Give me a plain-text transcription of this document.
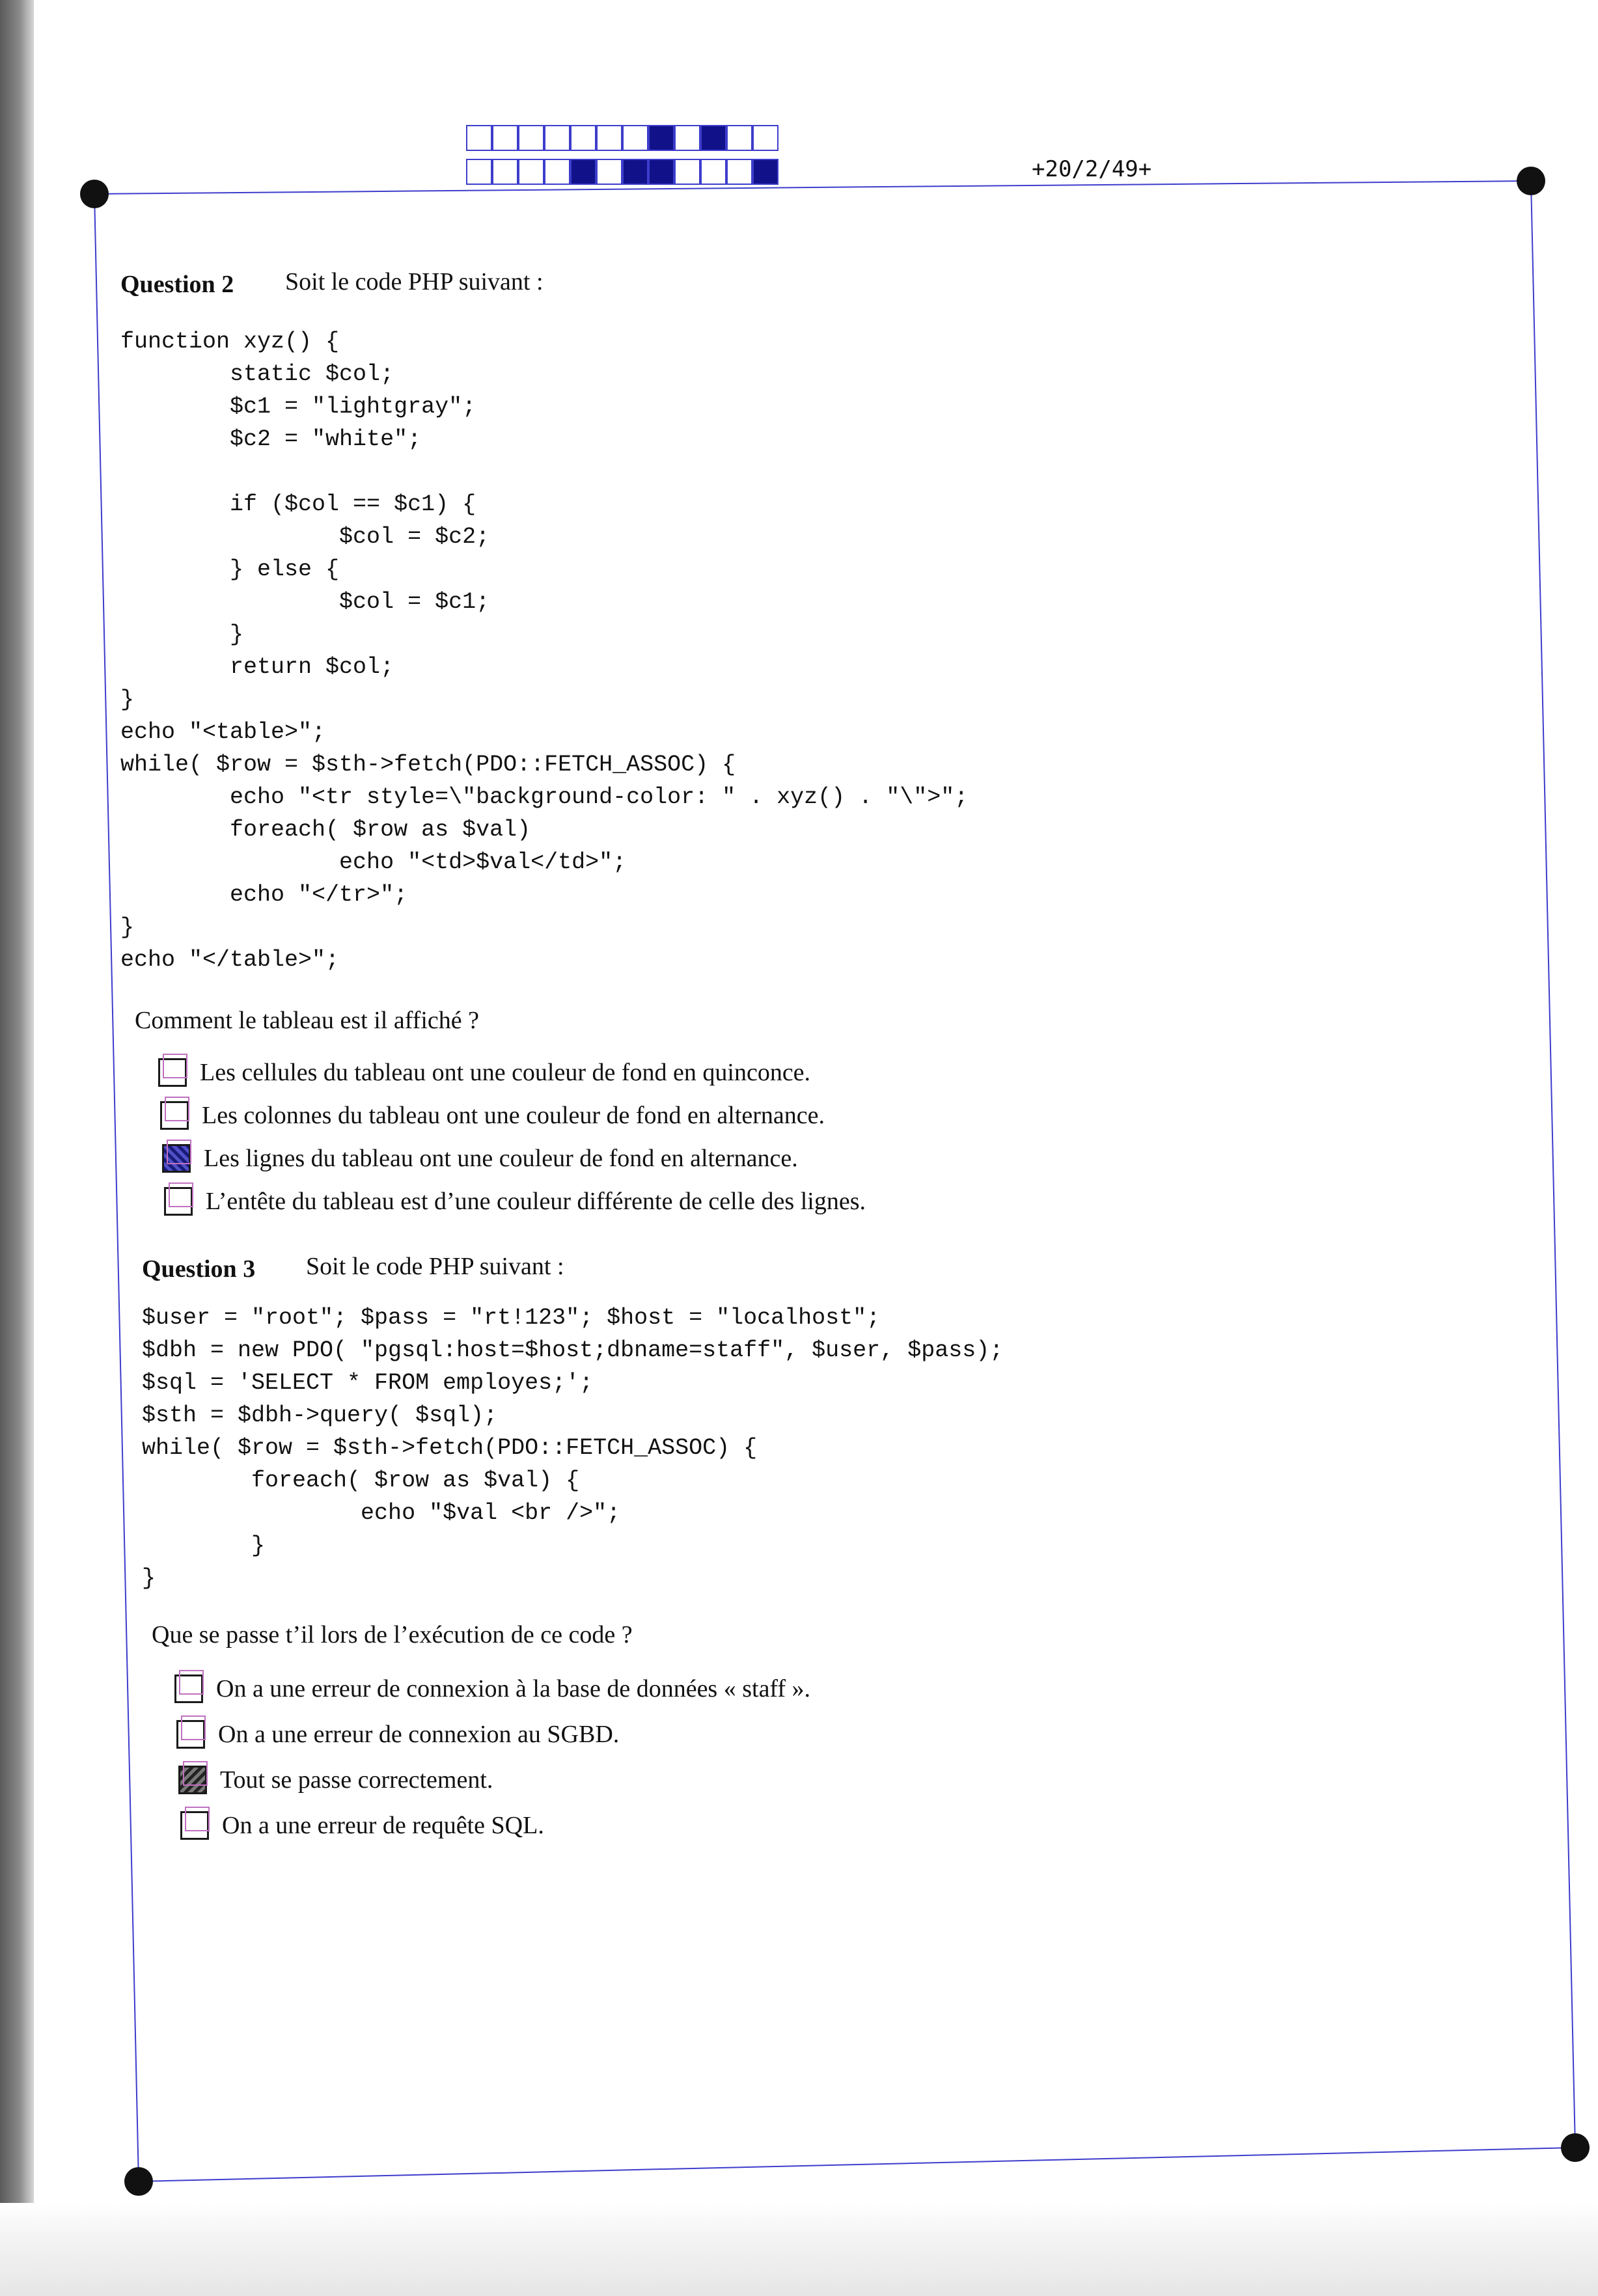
+20/2/49+
Question 2 Soit le code PHP suivant :
function xyz() {
static $col;
$c1 = "lightgray";
$c2 = "white";

if ($col == $c1) {
$col = $c2;
} else {
$col = $c1;
}
return $col;
}
echo "<table>";
while( $row = $sth->fetch(PDO::FETCH_ASSOC) {
echo "<tr style=\"background-color: " . xyz() . "\">";
foreach( $row as $val)
echo "<td>$val</td>";
echo "</tr>";
}
echo "</table>";
Comment le tableau est il affiché ?
Les cellules du tableau ont une couleur de fond en quinconce.
Les colonnes du tableau ont une couleur de fond en alternance.
Les lignes du tableau ont une couleur de fond en alternance.
L’entête du tableau est d’une couleur différente de celle des lignes.
Question 3 Soit le code PHP suivant :
$user = "root"; $pass = "rt!123"; $host = "localhost";
$dbh = new PDO( "pgsql:host=$host;dbname=staff", $user, $pass);
$sql = 'SELECT * FROM employes;';
$sth = $dbh->query( $sql);
while( $row = $sth->fetch(PDO::FETCH_ASSOC) {
foreach( $row as $val) {
echo "$val <br />";
}
}
Que se passe t’il lors de l’exécution de ce code ?
On a une erreur de connexion à la base de données « staff ».
On a une erreur de connexion au SGBD.
Tout se passe correctement.
On a une erreur de requête SQL.
